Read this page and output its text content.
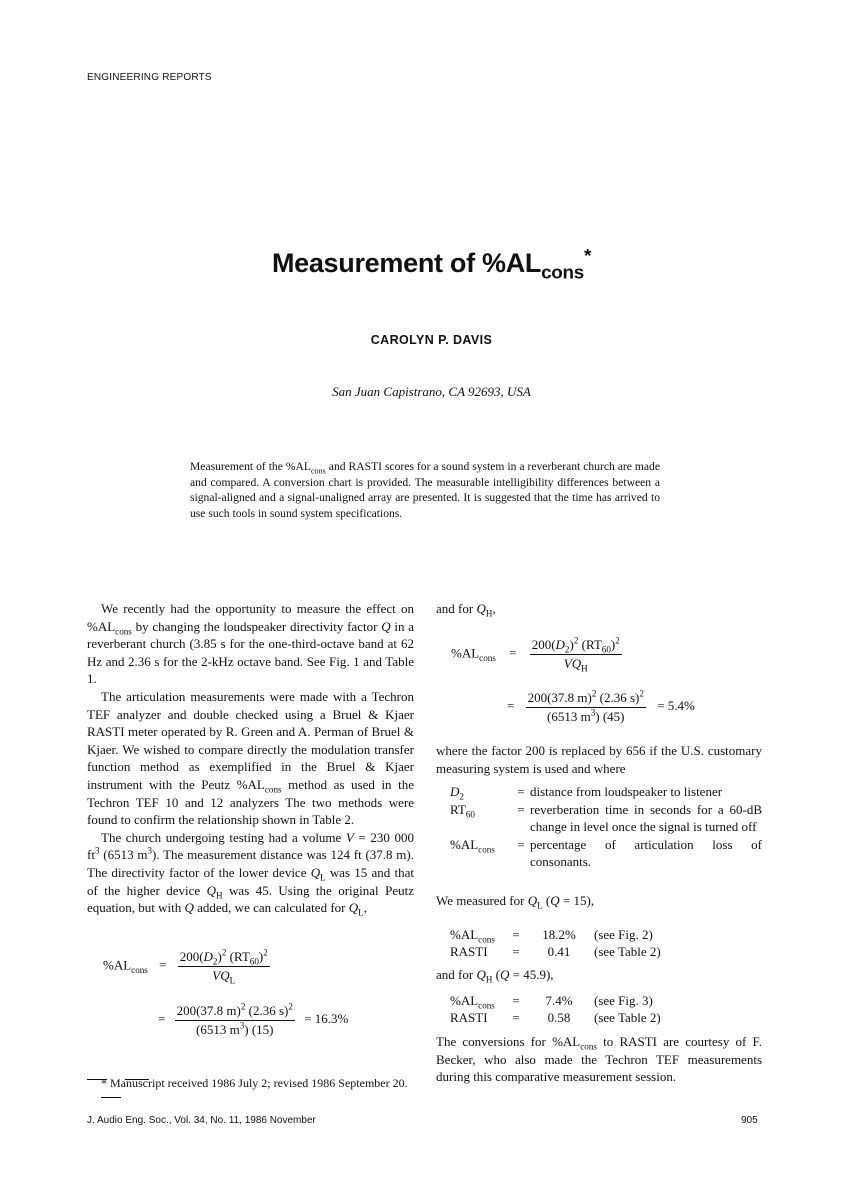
ENGINEERING REPORTS
Measurement of $\%AL_{cons}^*$
CAROLYN P. DAVIS
San Juan Capistrano, CA 92693, USA
Measurement of the $\%AL_{cons}$ and RASTI scores for a sound system in a reverberant church are made and compared. A conversion chart is provided. The measurable intelligibility differences between a signal-aligned and a signal-unaligned array are presented. It is suggested that the time has arrived to use such tools in sound system specifications.

We recently had the opportunity to measure the effect on $\%AL_{cons}$ by changing the loudspeaker directivity factor Q in a reverberant church (3.85 s for the one-third-octave band at 62 Hz and 2.36 s for the 2-kHz octave band. See Fig. 1 and Table 1.

The articulation measurements were made with a Techron TEF analyzer and double checked using a Bruel & Kjaer RASTI meter operated by R. Green and A. Perman of Bruel & Kjaer. We wished to compare directly the modulation transfer function method as exemplified in the Bruel & Kjaer instrument with the Peutz $\%AL_{cons}$ method as used in the Techron TEF 10 and 12 analyzers The two methods were found to confirm the relationship shown in Table 2.

The church undergoing testing had a volume V = 230 000 $ft^3$ (6513 $m^3$). The measurement distance was 124 ft (37.8 m). The directivity factor of the lower device $Q_L$ was 15 and that of the higher device $Q_H$ was 45. Using the original Peutz equation, but with Q added, we can calculated for $Q_L$,

$\%AL_{cons} = \frac{200(D_2)^2 (RT_{60})^2}{VQ_L}$
= $\frac{200(37.8 m)^2 (2.36 s)^2}{(6513 m^3) (15)} = 16.3\%$

* Manuscript received 1986 July 2; revised 1986 September 20.

and for $Q_H$,

$\%AL_{cons} = \frac{200(D_2)^2 (RT_{60})^2}{VQ_H}$
= $\frac{200(37.8 m)^2 (2.36 s)^2}{(6513 m^3) (45)} = 5.4\%$

where the factor 200 is replaced by 656 if the U.S. customary measuring system is used and where

$D_2$	=	distance from loudspeaker to listener
$RT_{60}$	=	reverberation time in seconds for a 60-dB change in level once the signal is turned off
$\%AL_{cons}$	=	percentage of articulation loss of consonants.

We measured for $Q_L$ (Q = 15),

$\%AL_{cons}$	=	18.2%	(see Fig. 2)
RASTI	=	0.41	(see Table 2)

and for $Q_H$ (Q = 45.9),

$\%AL_{cons}$	=	7.4%	(see Fig. 3)
RASTI	=	0.58	(see Table 2)

The conversions for $\%AL_{cons}$ to RASTI are courtesy of F. Becker, who also made the Techron TEF measurements during this comparative measurement session.

J. Audio Eng. Soc., Vol. 34, No. 11, 1986 November	905
